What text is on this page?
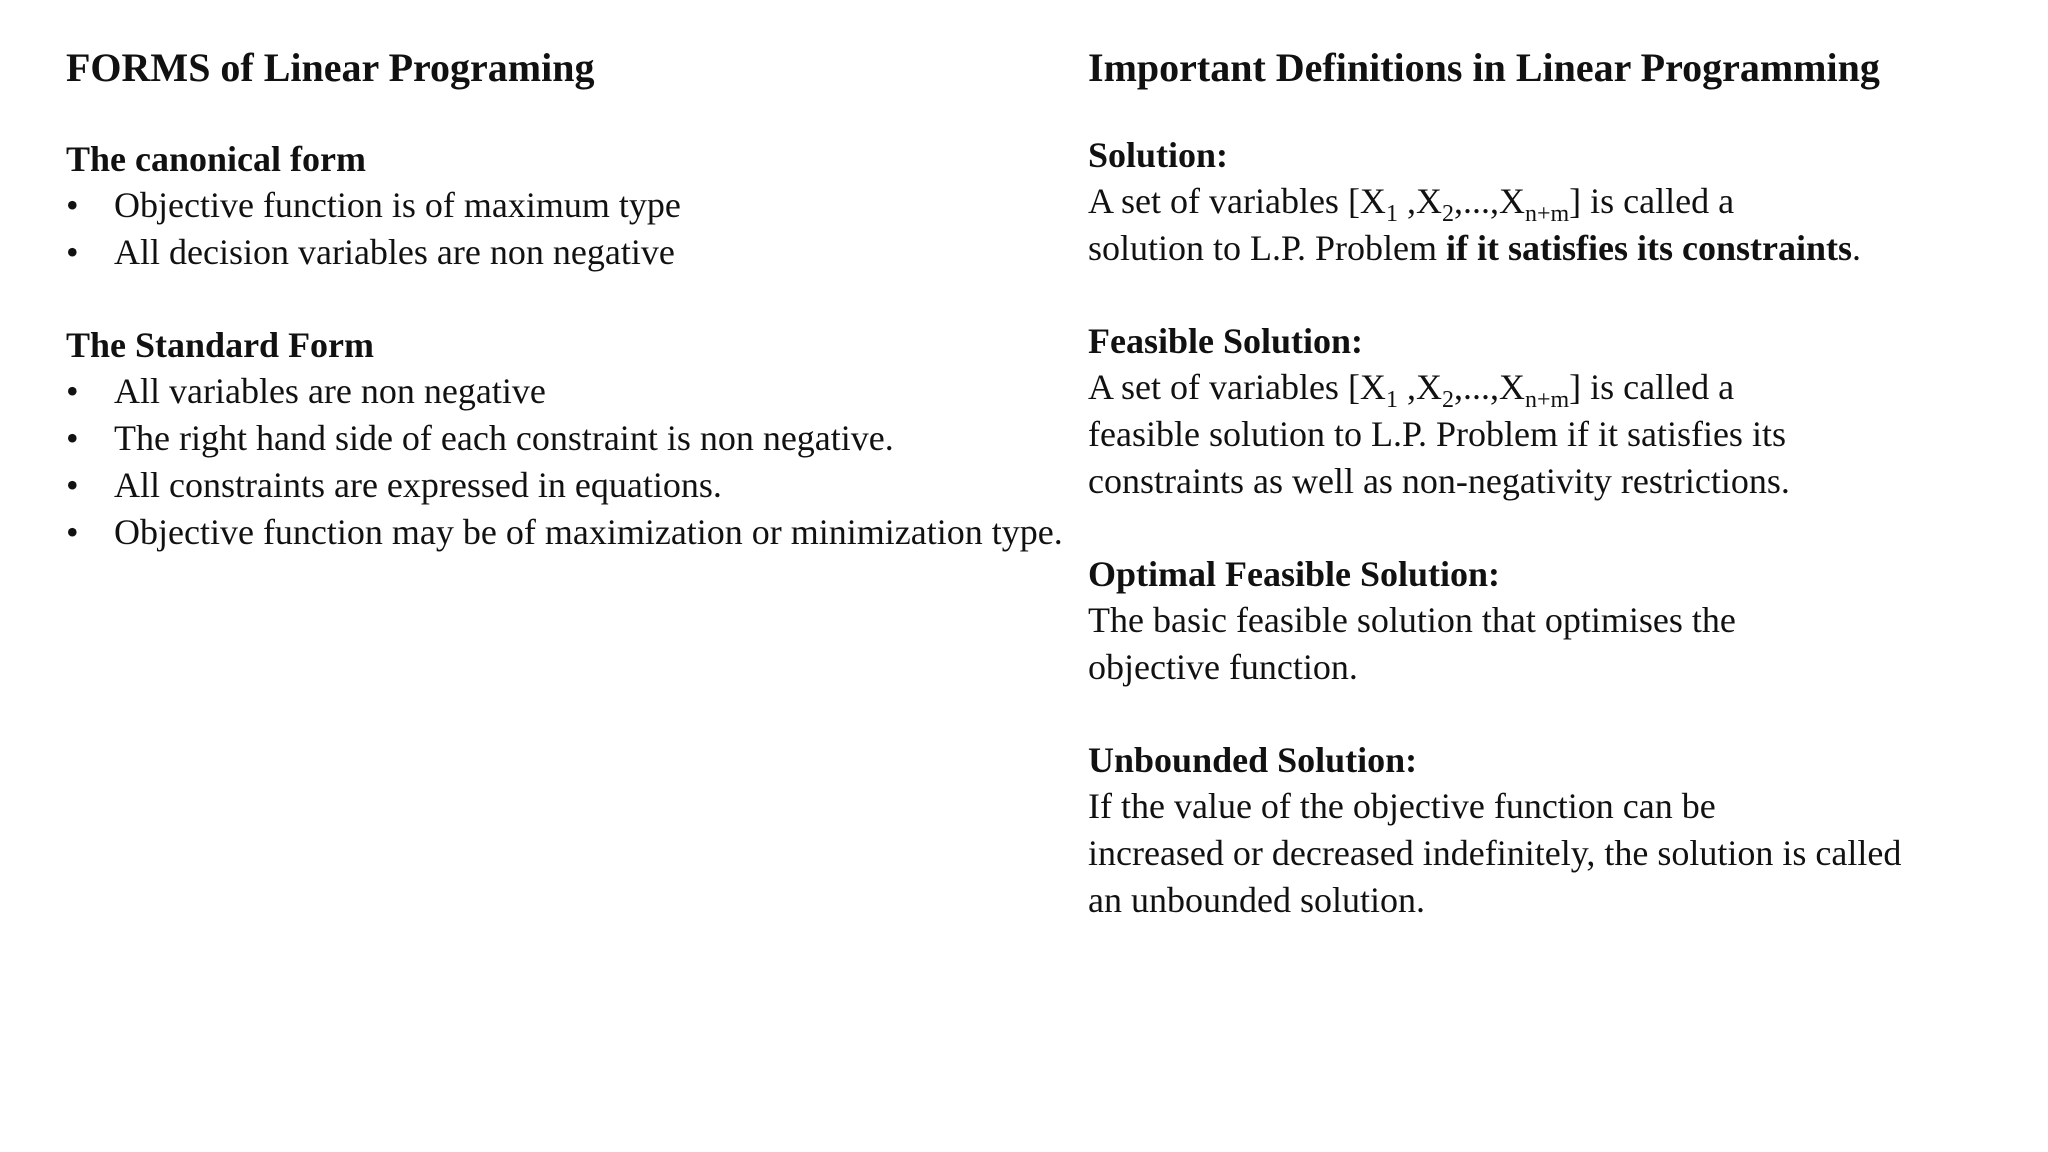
FORMS of Linear Programing
The canonical form
• Objective function is of maximum type
• All decision variables are non negative
The Standard Form
• All variables are non negative
• The right hand side of each constraint is non negative.
• All constraints are expressed in equations.
• Objective function may be of maximization or minimization type.
Important Definitions in Linear Programming
Solution:

A set of variables [$X_1$ $,X_2,...,X_{n+m}$] is called a

solution to L.P. Problem if it satisfies its constraints.

Feasible Solution:

A set of variables [$X_1$ $,X_2,...,X_{n+m}$] is called a

feasible solution to L.P. Problem if it satisfies its

constraints as well as non-negativity restrictions.

Optimal Feasible Solution:

The basic feasible solution that optimises the

objective function.

Unbounded Solution:

If the value of the objective function can be

increased or decreased indefinitely, the solution is called

an unbounded solution.
